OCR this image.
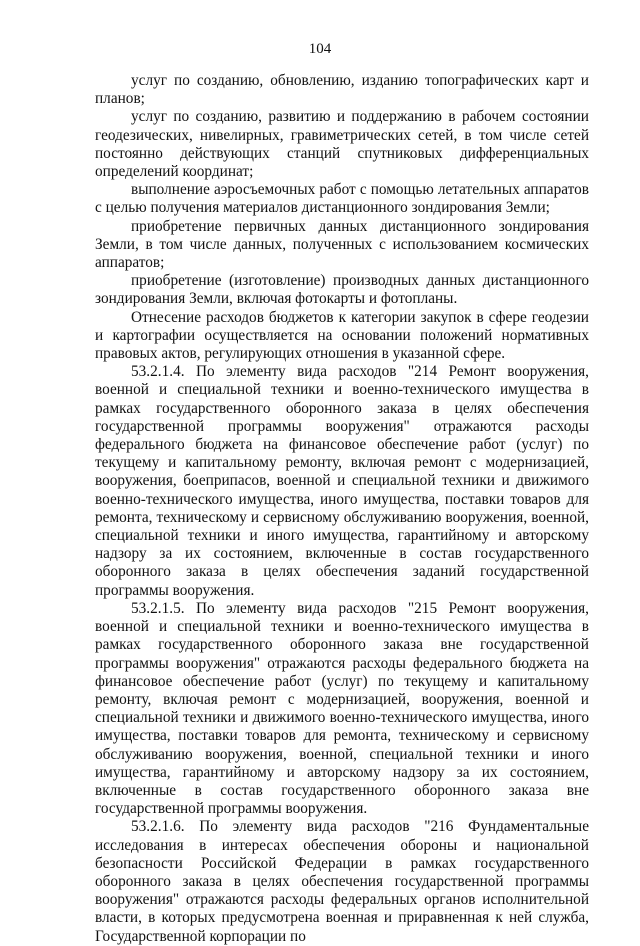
104

услуг по созданию, обновлению, изданию топографических карт и планов;

услуг по созданию, развитию и поддержанию в рабочем состоянии геодезических, нивелирных, гравиметрических сетей, в том числе сетей постоянно действующих станций спутниковых дифференциальных определений координат;

выполнение аэросъемочных работ с помощью летательных аппаратов с целью получения материалов дистанционного зондирования Земли;

приобретение первичных данных дистанционного зондирования Земли, в том числе данных, полученных с использованием космических аппаратов;

приобретение (изготовление) производных данных дистанционного зондирования Земли, включая фотокарты и фотопланы.

Отнесение расходов бюджетов к категории закупок в сфере геодезии и картографии осуществляется на основании положений нормативных правовых актов, регулирующих отношения в указанной сфере.

53.2.1.4. По элементу вида расходов "214 Ремонт вооружения, военной и специальной техники и военно-технического имущества в рамках государственного оборонного заказа в целях обеспечения государственной программы вооружения" отражаются расходы федерального бюджета на финансовое обеспечение работ (услуг) по текущему и капитальному ремонту, включая ремонт с модернизацией, вооружения, боеприпасов, военной и специальной техники и движимого военно-технического имущества, иного имущества, поставки товаров для ремонта, техническому и сервисному обслуживанию вооружения, военной, специальной техники и иного имущества, гарантийному и авторскому надзору за их состоянием, включенные в состав государственного оборонного заказа в целях обеспечения заданий государственной программы вооружения.

53.2.1.5. По элементу вида расходов "215 Ремонт вооружения, военной и специальной техники и военно-технического имущества в рамках государственного оборонного заказа вне государственной программы вооружения" отражаются расходы федерального бюджета на финансовое обеспечение работ (услуг) по текущему и капитальному ремонту, включая ремонт с модернизацией, вооружения, военной и специальной техники и движимого военно-технического имущества, иного имущества, поставки товаров для ремонта, техническому и сервисному обслуживанию вооружения, военной, специальной техники и иного имущества, гарантийному и авторскому надзору за их состоянием, включенные в состав государственного оборонного заказа вне государственной программы вооружения.

53.2.1.6. По элементу вида расходов "216 Фундаментальные исследования в интересах обеспечения обороны и национальной безопасности Российской Федерации в рамках государственного оборонного заказа в целях обеспечения государственной программы вооружения" отражаются расходы федеральных органов исполнительной власти, в которых предусмотрена военная и приравненная к ней служба, Государственной корпорации по
